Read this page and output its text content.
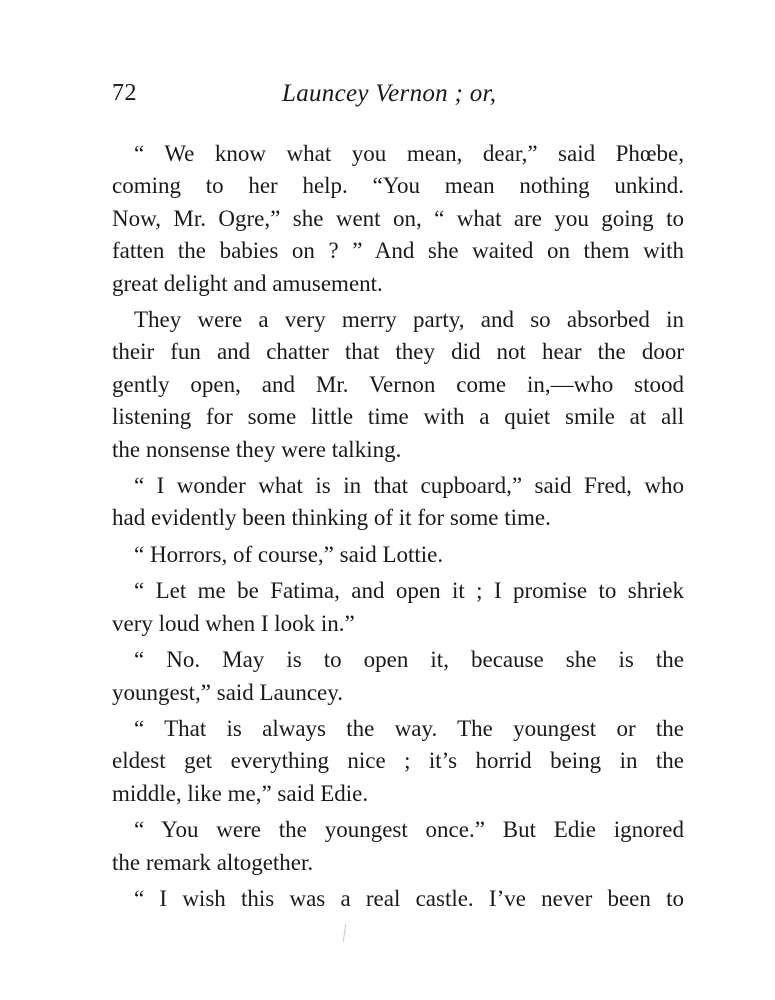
72	Launcey Vernon ; or,

“ We know what you mean, dear,” said Phœbe,
coming to her help. “You mean nothing unkind.
Now, Mr. Ogre,” she went on, “ what are you going to
fatten the babies on ? ” And she waited on them with
great delight and amusement.

They were a very merry party, and so absorbed in
their fun and chatter that they did not hear the door
gently open, and Mr. Vernon come in,—who stood
listening for some little time with a quiet smile at all
the nonsense they were talking.

“ I wonder what is in that cupboard,” said Fred, who
had evidently been thinking of it for some time.

“ Horrors, of course,” said Lottie.

“ Let me be Fatima, and open it ; I promise to shriek
very loud when I look in.”

“ No. May is to open it, because she is the
youngest,” said Launcey.

“ That is always the way. The youngest or the
eldest get everything nice ; it’s horrid being in the
middle, like me,” said Edie.

“ You were the youngest once.” But Edie ignored
the remark altogether.

“ I wish this was a real castle. I’ve never been to
